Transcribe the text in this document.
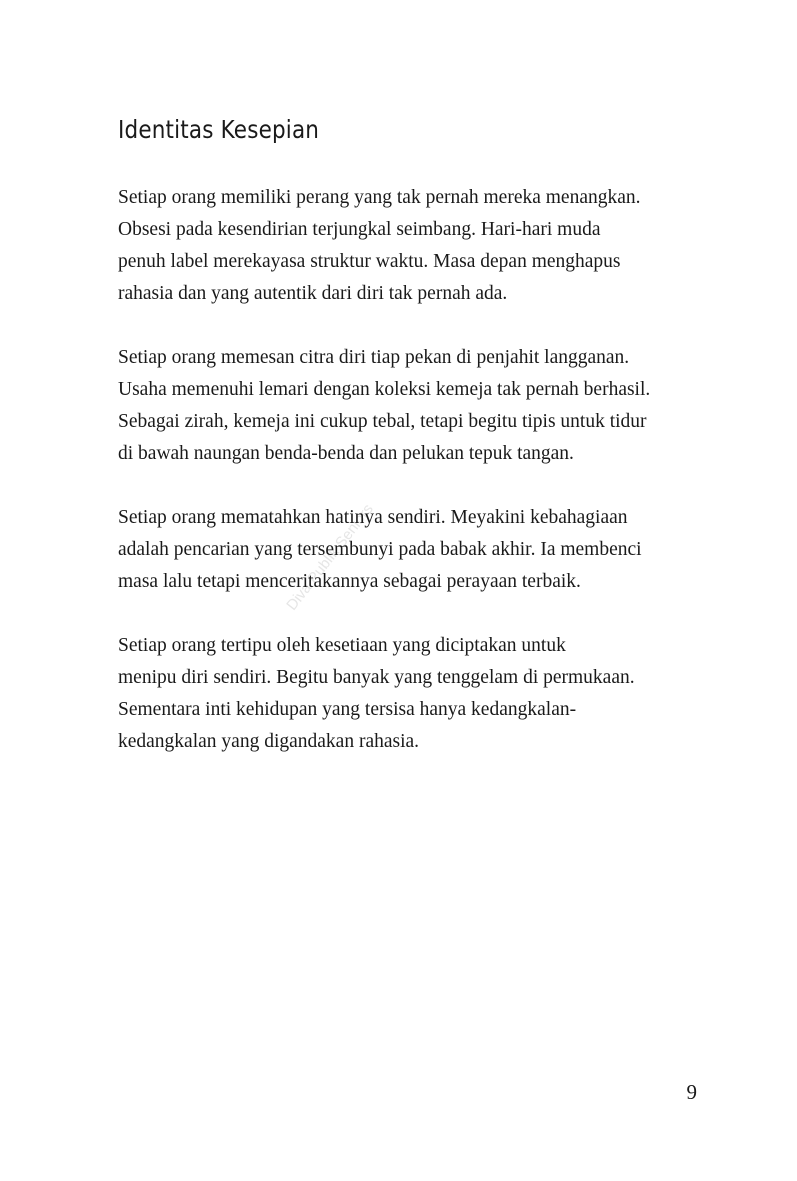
Identitas Kesepian
Diva Publik Seniors

Setiap orang memiliki perang yang tak pernah mereka menangkan.
Obsesi pada kesendirian terjungkal seimbang. Hari-hari muda
penuh label merekayasa struktur waktu. Masa depan menghapus
rahasia dan yang autentik dari diri tak pernah ada.

Setiap orang memesan citra diri tiap pekan di penjahit langganan.
Usaha memenuhi lemari dengan koleksi kemeja tak pernah berhasil.
Sebagai zirah, kemeja ini cukup tebal, tetapi begitu tipis untuk tidur
di bawah naungan benda-benda dan pelukan tepuk tangan.

Setiap orang mematahkan hatinya sendiri. Meyakini kebahagiaan
adalah pencarian yang tersembunyi pada babak akhir. Ia membenci
masa lalu tetapi menceritakannya sebagai perayaan terbaik.

Setiap orang tertipu oleh kesetiaan yang diciptakan untuk
menipu diri sendiri. Begitu banyak yang tenggelam di permukaan.
Sementara inti kehidupan yang tersisa hanya kedangkalan-
kedangkalan yang digandakan rahasia.

9
